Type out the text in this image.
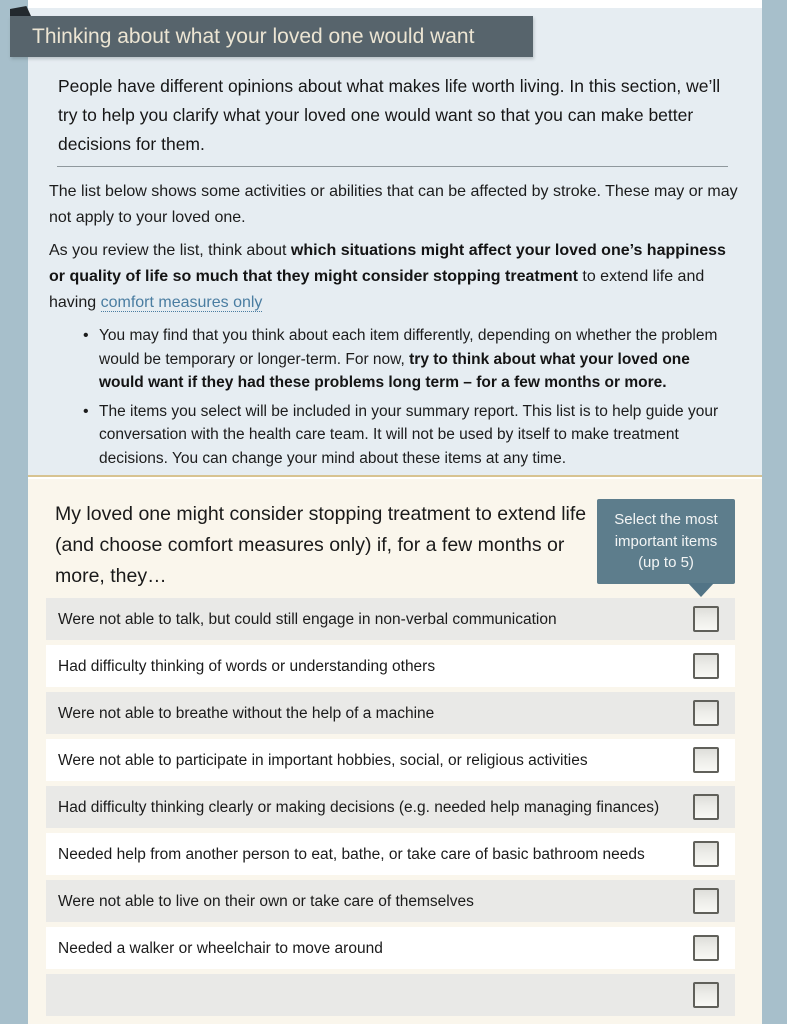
People have different opinions about what makes life worth living. In this section, we’ll try to help you clarify what your loved one would want so that you can make better decisions for them.

The list below shows some activities or abilities that can be affected by stroke. These may or may not apply to your loved one.

As you review the list, think about which situations might affect your loved one’s happiness or quality of life so much that they might consider stopping treatment to extend life and having comfort measures only

• You may find that you think about each item differently, depending on whether the problem would be temporary or longer-term. For now, try to think about what your loved one would want if they had these problems long term – for a few months or more.
• The items you select will be included in your summary report. This list is to help guide your conversation with the health care team. It will not be used by itself to make treatment decisions. You can change your mind about these items at any time.
My loved one might consider stopping treatment to extend life (and choose comfort measures only) if, for a few months or more, they…
Select the most
important items
(up to 5)
Were not able to talk, but could still engage in non-verbal communication
Had difficulty thinking of words or understanding others
Were not able to breathe without the help of a machine
Were not able to participate in important hobbies, social, or religious activities
Had difficulty thinking clearly or making decisions (e.g. needed help managing finances)
Needed help from another person to eat, bathe, or take care of basic bathroom needs
Were not able to live on their own or take care of themselves
Needed a walker or wheelchair to move around
Thinking about what your loved one would want
